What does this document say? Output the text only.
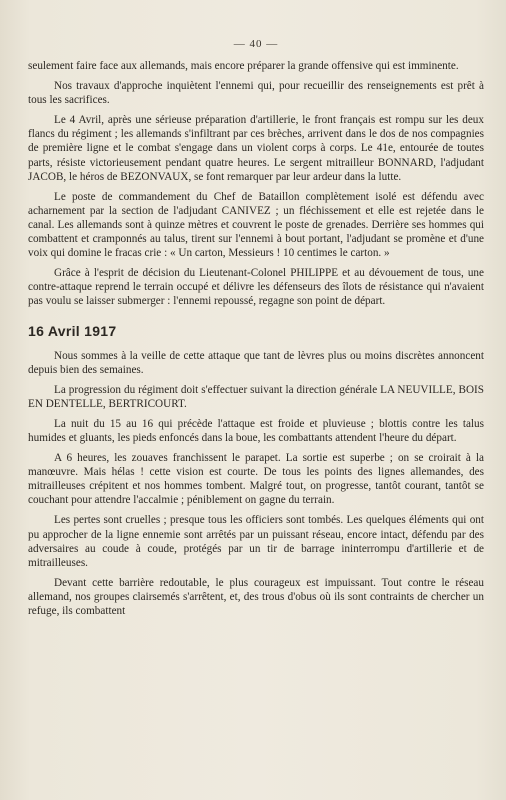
— 40 —

seulement faire face aux allemands, mais encore préparer la grande offensive qui est imminente.

Nos travaux d'approche inquiètent l'ennemi qui, pour recueillir des renseignements est prêt à tous les sacrifices.

Le 4 Avril, après une sérieuse préparation d'artillerie, le front français est rompu sur les deux flancs du régiment ; les allemands s'infiltrant par ces brèches, arrivent dans le dos de nos compagnies de première ligne et le combat s'engage dans un violent corps à corps. Le 41e, entourée de toutes parts, résiste victorieusement pendant quatre heures. Le sergent mitrailleur BONNARD, l'adjudant JACOB, le héros de BEZONVAUX, se font remarquer par leur ardeur dans la lutte.

Le poste de commandement du Chef de Bataillon complètement isolé est défendu avec acharnement par la section de l'adjudant CANIVEZ ; un fléchissement et elle est rejetée dans le canal. Les allemands sont à quinze mètres et couvrent le poste de grenades. Derrière ses hommes qui combattent et cramponnés au talus, tirent sur l'ennemi à bout portant, l'adjudant se promène et d'une voix qui domine le fracas crie : « Un carton, Messieurs ! 10 centimes le carton. »

Grâce à l'esprit de décision du Lieutenant-Colonel PHILIPPE et au dévouement de tous, une contre-attaque reprend le terrain occupé et délivre les défenseurs des îlots de résistance qui n'avaient pas voulu se laisser submerger : l'ennemi repoussé, regagne son point de départ.

16 Avril 1917

Nous sommes à la veille de cette attaque que tant de lèvres plus ou moins discrètes annoncent depuis bien des semaines.

La progression du régiment doit s'effectuer suivant la direction générale LA NEUVILLE, BOIS EN DENTELLE, BERTRICOURT.

La nuit du 15 au 16 qui précède l'attaque est froide et pluvieuse ; blottis contre les talus humides et gluants, les pieds enfoncés dans la boue, les combattants attendent l'heure du départ.

A 6 heures, les zouaves franchissent le parapet. La sortie est superbe ; on se croirait à la manœuvre. Mais hélas ! cette vision est courte. De tous les points des lignes allemandes, des mitrailleuses crépitent et nos hommes tombent. Malgré tout, on progresse, tantôt courant, tantôt se couchant pour attendre l'accalmie ; péniblement on gagne du terrain.

Les pertes sont cruelles ; presque tous les officiers sont tombés. Les quelques éléments qui ont pu approcher de la ligne ennemie sont arrêtés par un puissant réseau, encore intact, défendu par des adversaires au coude à coude, protégés par un tir de barrage ininterrompu d'artillerie et de mitrailleuses.

Devant cette barrière redoutable, le plus courageux est impuissant. Tout contre le réseau allemand, nos groupes clairsemés s'arrêtent, et, des trous d'obus où ils sont contraints de chercher un refuge, ils combattent
